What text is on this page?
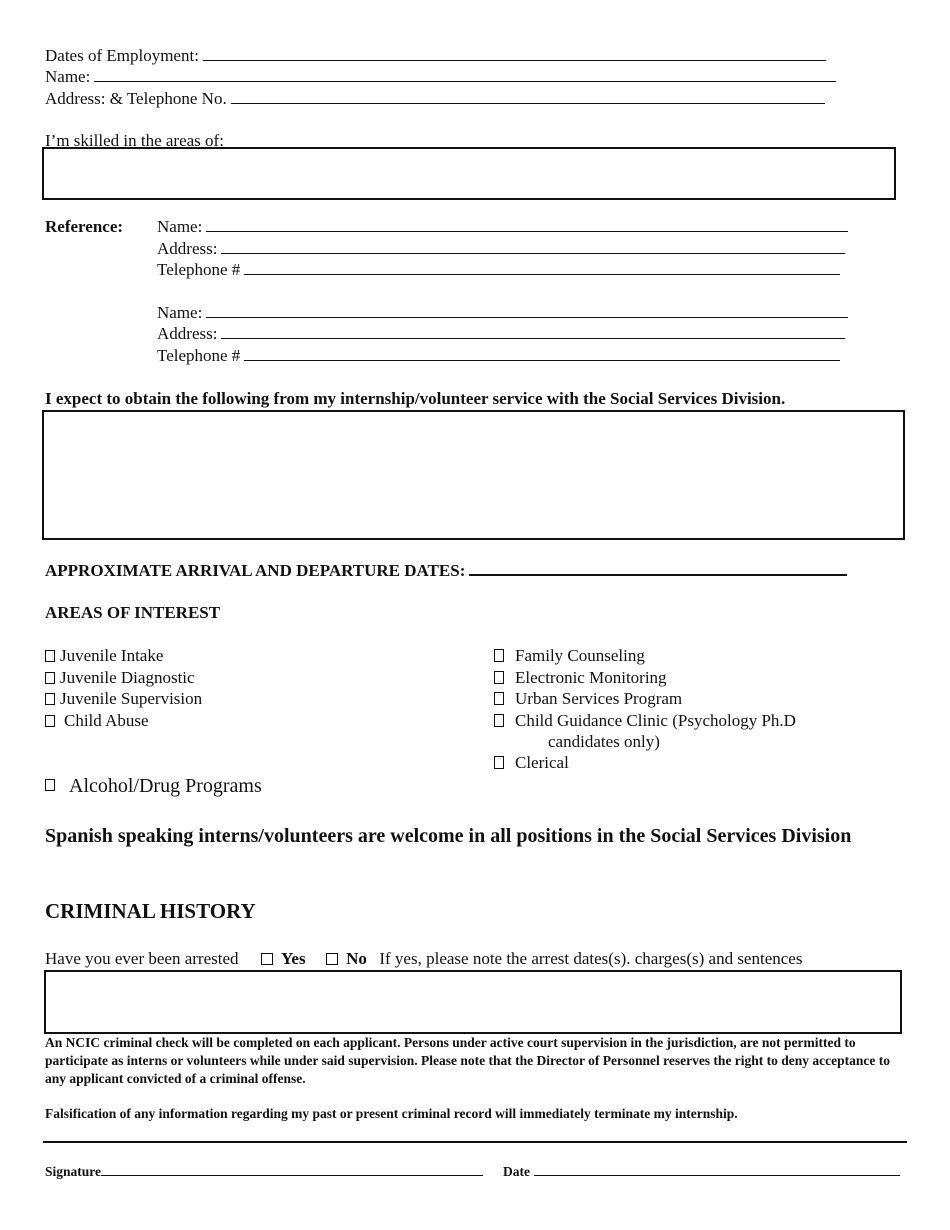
Dates of Employment:
Name:
Address: & Telephone No.
I’m skilled in the areas of:
Reference: Name:
Address:
Telephone #
Name:
Address:
Telephone #
I expect to obtain the following from my internship/volunteer service with the Social Services Division.
APPROXIMATE ARRIVAL AND DEPARTURE DATES:
AREAS OF INTEREST
Juvenile Intake
Juvenile Diagnostic
Juvenile Supervision
Child Abuse
Family Counseling
Electronic Monitoring
Urban Services Program
Child Guidance Clinic (Psychology Ph.D
candidates only)
Clerical
Alcohol/Drug Programs
Spanish speaking interns/volunteers are welcome in all positions in the Social Services Division
CRIMINAL HISTORY
Have you ever been arrested	Yes No If yes, please note the arrest dates(s). charges(s) and sentences
An NCIC criminal check will be completed on each applicant. Persons under active court supervision in the jurisdiction, are not permitted to participate as interns or volunteers while under said supervision. Please note that the Director of Personnel reserves the right to deny acceptance to any applicant convicted of a criminal offense.
Falsification of any information regarding my past or present criminal record will immediately terminate my internship.
Signature	Date
